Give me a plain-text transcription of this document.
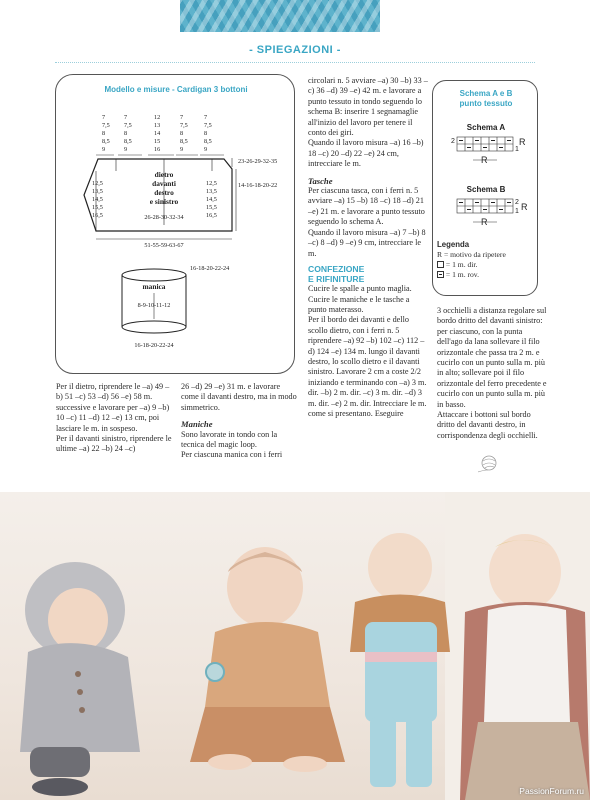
- SPIEGAZIONI -
Modello e misure - Cardigan 3 bottoni
7
7,5
8
8,5
9
7
7,5
8
8,5
9
12
13
14
15
16
7
7,5
8
8,5
9
7
7,5
8
8,5
9
23-26-29-32-35
14-16-18-20-22
12,5
13,5
14,5
15,5
16,5
12,5
13,5
14,5
15,5
16,5
dietro
davanti
destro
e sinistro
26-28-30-32-34
51-55-59-63-67
manica
8-9-10-11-12
16-18-20-22-24
16-18-20-22-24

Per il dietro, riprendere le –a) 49 –b) 51 –c) 53 –d) 56 –e) 58 m. successive e lavorare per –a) 9 –b) 10 –c) 11 –d) 12 –e) 13 cm, poi lasciare le m. in sospeso.

Per il davanti sinistro, riprendere le ultime –a) 22 –b) 24 –c)

26 –d) 29 –e) 31 m. e lavorare come il davanti destro, ma in modo simmetrico.

Maniche

Sono lavorate in tondo con la tecnica del magic loop.

Per ciascuna manica con i ferri

circolari n. 5 avviare –a) 30 –b) 33 –c) 36 –d) 39 –e) 42 m. e lavorare a punto tessuto in tondo seguendo lo schema B: inserire 1 segnamaglie all'inizio del lavoro per tenere il conto dei giri.

Quando il lavoro misura –a) 16 –b) 18 –c) 20 –d) 22 –e) 24 cm, intrecciare le m.

Tasche

Per ciascuna tasca, con i ferri n. 5 avviare –a) 15 –b) 18 –c) 18 –d) 21 –e) 21 m. e lavorare a punto tessuto seguendo lo schema A.

Quando il lavoro misura –a) 7 –b) 8 –c) 8 –d) 9 –e) 9 cm, intrecciare le m.

CONFEZIONE

E RIFINITURE

Cucire le spalle a punto maglia.

Cucire le maniche e le tasche a punto materasso.

Per il bordo dei davanti e dello scollo dietro, con i ferri n. 5 riprendere –a) 92 –b) 102 –c) 112 –d) 124 –e) 134 m. lungo il davanti destro, lo scollo dietro e il davanti sinistro. Lavorare 2 cm a coste 2/2 iniziando e terminando con –a) 3 m. dir. –b) 2 m. dir. –c) 3 m. dir. –d) 3 m. dir. –e) 2 m. dir. Intrecciare le m. come si presentano. Eseguire

Schema A e B
punto tessuto
Schema A
Schema B
2
1
R
R
2
1 R
R
Legenda
R = motivo da ripetere
= 1 m. dir.
= 1 m. rov.

3 occhielli a distanza regolare sul bordo dritto del davanti sinistro: per ciascuno, con la punta dell'ago da lana sollevare il filo orizzontale che passa tra 2 m. e cucirlo con un punto sulla m. più in alto; sollevare poi il filo orizzontale del ferro precedente e cucirlo con un punto sulla m. più in basso.

Attaccare i bottoni sul bordo dritto del davanti destro, in corrispondenza degli occhielli.

PassionForum.ru
